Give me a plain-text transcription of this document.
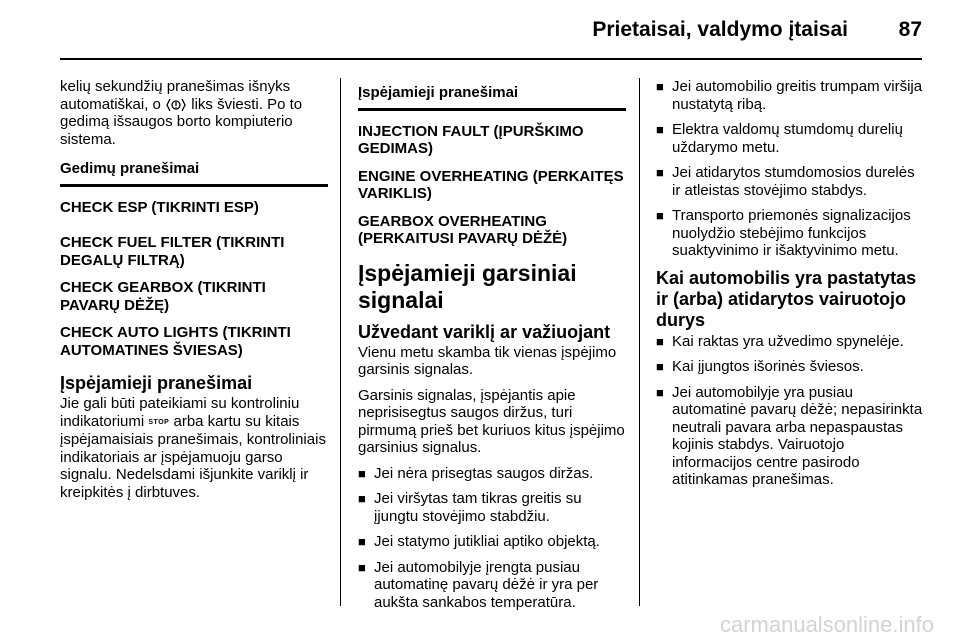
Prietaisai, valdymo įtaisai 87

kelių sekundžių pranešimas išnyks automatiškai, o liks šviesti. Po to gedimą išsaugos borto kompiuterio sistema.

Gedimų pranešimai
CHECK ESP (TIKRINTI ESP)
CHECK FUEL FILTER (TIKRINTI DEGALŲ FILTRĄ)
CHECK GEARBOX (TIKRINTI PAVARŲ DĖŽĘ)
CHECK AUTO LIGHTS (TIKRINTI AUTOMATINES ŠVIESAS)
Įspėjamieji pranešimai

Jie gali būti pateikiami su kontroliniu indikatoriumi STOP arba kartu su kitais įspėjamaisiais pranešimais, kontroliniais indikatoriais ar įspėjamuoju garso signalu. Nedelsdami išjunkite variklį ir kreipkitės į dirbtuves.

Įspėjamieji pranešimai
INJECTION FAULT (ĮPURŠKIMO GEDIMAS)
ENGINE OVERHEATING (PERKAITĘS VARIKLIS)
GEARBOX OVERHEATING (PERKAITUSI PAVARŲ DĖŽĖ)
Įspėjamieji garsiniai signalai
Užvedant variklį ar važiuojant

Vienu metu skamba tik vienas įspėjimo garsinis signalas.

Garsinis signalas, įspėjantis apie neprisisegtus saugos diržus, turi pirmumą prieš bet kuriuos kitus įspėjimo garsinius signalus.

■ Jei nėra prisegtas saugos diržas.
■ Jei viršytas tam tikras greitis su įjungtu stovėjimo stabdžiu.
■ Jei statymo jutikliai aptiko objektą.
■ Jei automobilyje įrengta pusiau automatinę pavarų dėžė ir yra per aukšta sankabos temperatūra.
■ Jei automobilio greitis trumpam viršija nustatytą ribą.
■ Elektra valdomų stumdomų durelių uždarymo metu.
■ Jei atidarytos stumdomosios durelės ir atleistas stovėjimo stabdys.
■ Transporto priemonės signalizacijos nuolydžio stebėjimo funkcijos suaktyvinimo ir išaktyvinimo metu.
Kai automobilis yra pastatytas ir (arba) atidarytos vairuotojo durys
■ Kai raktas yra užvedimo spynelėje.
■ Kai įjungtos išorinės šviesos.
■ Jei automobilyje yra pusiau automatinė pavarų dėžė; nepasirinkta neutrali pavara arba nepaspaustas kojinis stabdys. Vairuotojo informacijos centre pasirodo atitinkamas pranešimas.
carmanualsonline.info
